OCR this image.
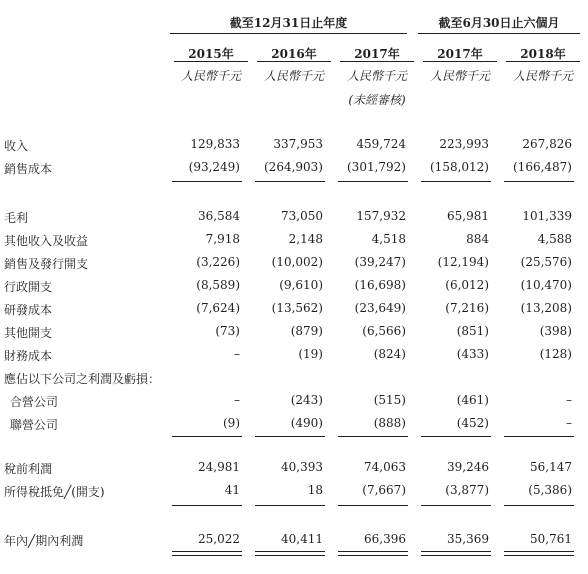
截至12月31日止年度	截至6月30日止六個月
2015年	2016年	2017年	2017年	2018年
人民幣千元	人民幣千元	人民幣千元	人民幣千元	人民幣千元
(未經審核)
收入	129,833	337,953	459,724	223,993	267,826
銷售成本	(93,249)	(264,903)	(301,792)	(158,012)	(166,487)
毛利	36,584	73,050	157,932	65,981	101,339
其他收入及收益	7,918	2,148	4,518	884	4,588
銷售及發行開支	(3,226)	(10,002)	(39,247)	(12,194)	(25,576)
行政開支	(8,589)	(9,610)	(16,698)	(6,012)	(10,470)
研發成本	(7,624)	(13,562)	(23,649)	(7,216)	(13,208)
其他開支	(73)	(879)	(6,566)	(851)	(398)
財務成本	–	(19)	(824)	(433)	(128)
應佔以下公司之利潤及虧損：
合營公司	–	(243)	(515)	(461)	–
聯營公司	(9)	(490)	(888)	(452)	–
稅前利潤	24,981	40,393	74,063	39,246	56,147
所得稅抵免╱(開支)	41	18	(7,667)	(3,877)	(5,386)
年內╱期內利潤	25,022	40,411	66,396	35,369	50,761
